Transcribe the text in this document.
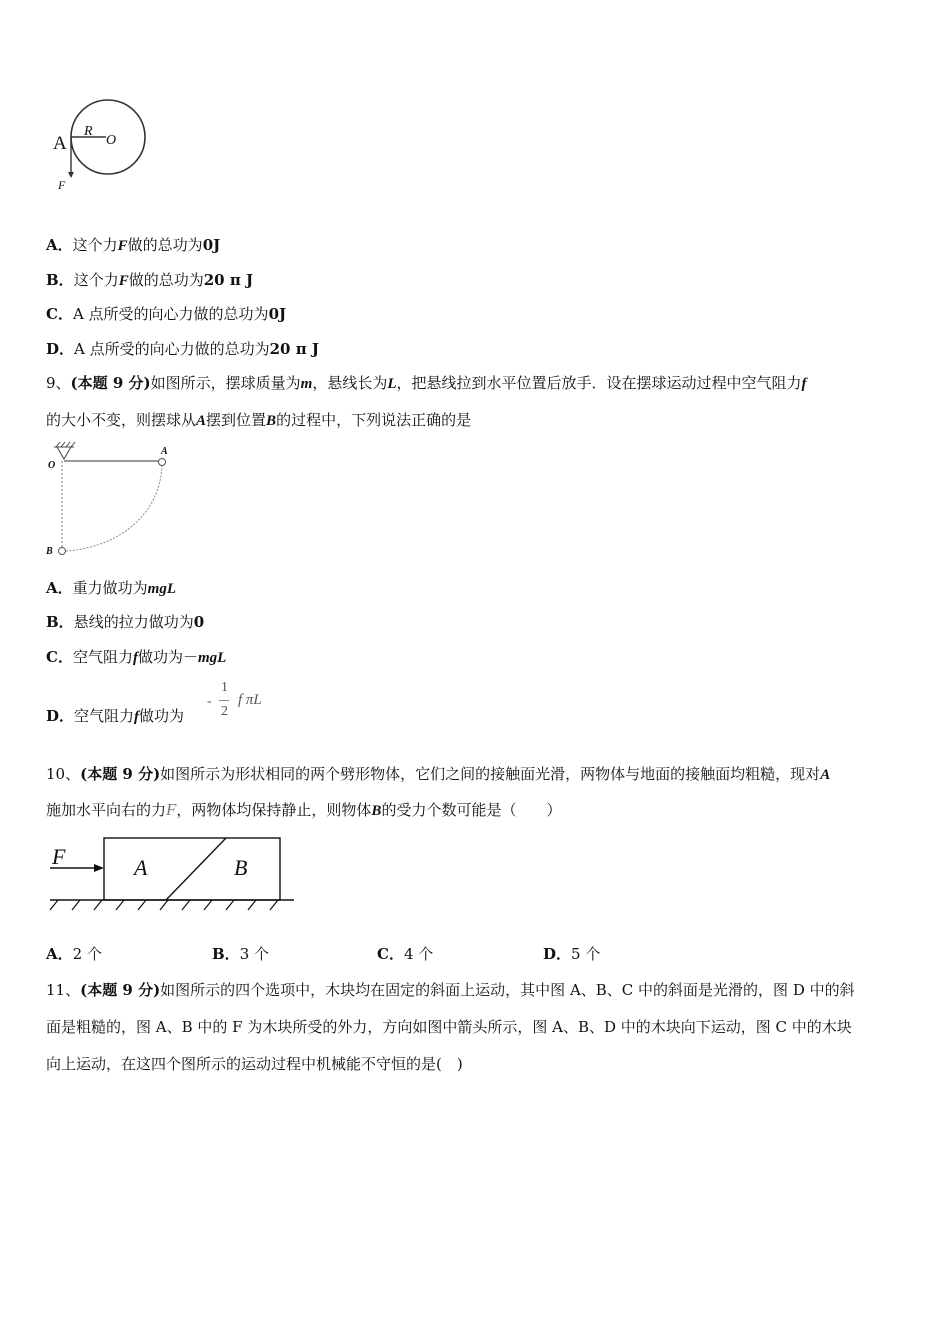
A
R
O
F
A．这个力F做的总功为0J
B．这个力F做的总功为20 π J
C．A 点所受的向心力做的总功为0J
D．A 点所受的向心力做的总功为20 π J
9、(本题 9 分)如图所示，摆球质量为m，悬线长为L，把悬线拉到水平位置后放手．设在摆球运动过程中空气阻力f
的大小不变，则摆球从A摆到位置B的过程中，下列说法正确的是
O
A
B
A．重力做功为mgL
B．悬线的拉力做功为0
C．空气阻力f做功为－mgL
D．空气阻力f做功为
-
1
2
f πL
10、(本题 9 分)如图所示为形状相同的两个劈形物体，它们之间的接触面光滑，两物体与地面的接触面均粗糙，现对A
施加水平向右的力F，两物体均保持静止，则物体B的受力个数可能是（　　）
F	A	B
A．2 个	B．3 个	C．4 个	D．5 个
11、(本题 9 分)如图所示的四个选项中，木块均在固定的斜面上运动，其中图 A、B、C 中的斜面是光滑的，图 D 中的斜
面是粗糙的，图 A、B 中的 F 为木块所受的外力，方向如图中箭头所示，图 A、B、D 中的木块向下运动，图 C 中的木块
向上运动，在这四个图所示的运动过程中机械能不守恒的是(　)
